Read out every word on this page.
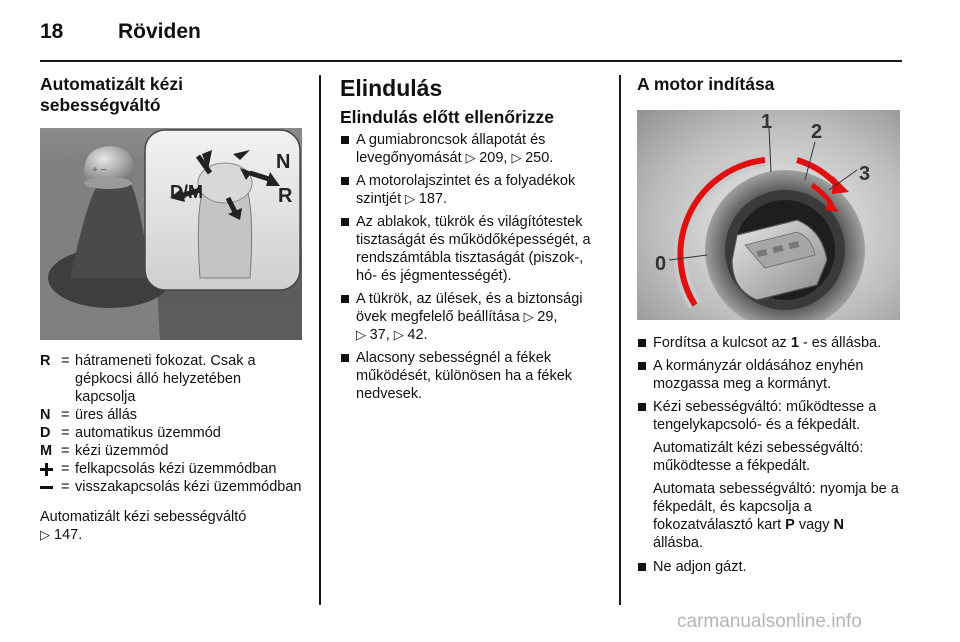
18	Röviden
Automatizált kézi sebességváltó
+ −
D/M
N
R
R = hátrameneti fokozat. Csak a gépkocsi álló helyzetében kapcsolja
N = üres állás
D = automatikus üzemmód
M = kézi üzemmód
= felkapcsolás kézi üzemmódban
= visszakapcsolás kézi üzemmódban

Automatizált kézi sebességváltó
▷ 147.

Elindulás
Elindulás előtt ellenőrizze
A gumiabroncsok állapotát és levegőnyomását ▷ 209, ▷ 250.
A motorolajszintet és a folyadékok szintjét ▷ 187.
Az ablakok, tükrök és világítótestek tisztaságát és működőképességét, a rendszámtábla tisztaságát (piszok-, hó- és jégmentességét).
A tükrök, az ülések, és a biztonsági övek megfelelő beállítása ▷ 29,
▷ 37, ▷ 42.
Alacsony sebességnél a fékek működését, különösen ha a fékek nedvesek.
A motor indítása
0
1 2
3
Fordítsa a kulcsot az 1 - es állásba.
A kormányzár oldásához enyhén mozgassa meg a kormányt.
Kézi sebességváltó: működtesse a tengelykapcsoló- és a fékpedált.

Automatizált kézi sebességváltó: működtesse a fékpedált.

Automata sebességváltó: nyomja be a fékpedált, és kapcsolja a fokozatválasztó kart P vagy N
állásba.

Ne adjon gázt.
carmanualsonline.info
